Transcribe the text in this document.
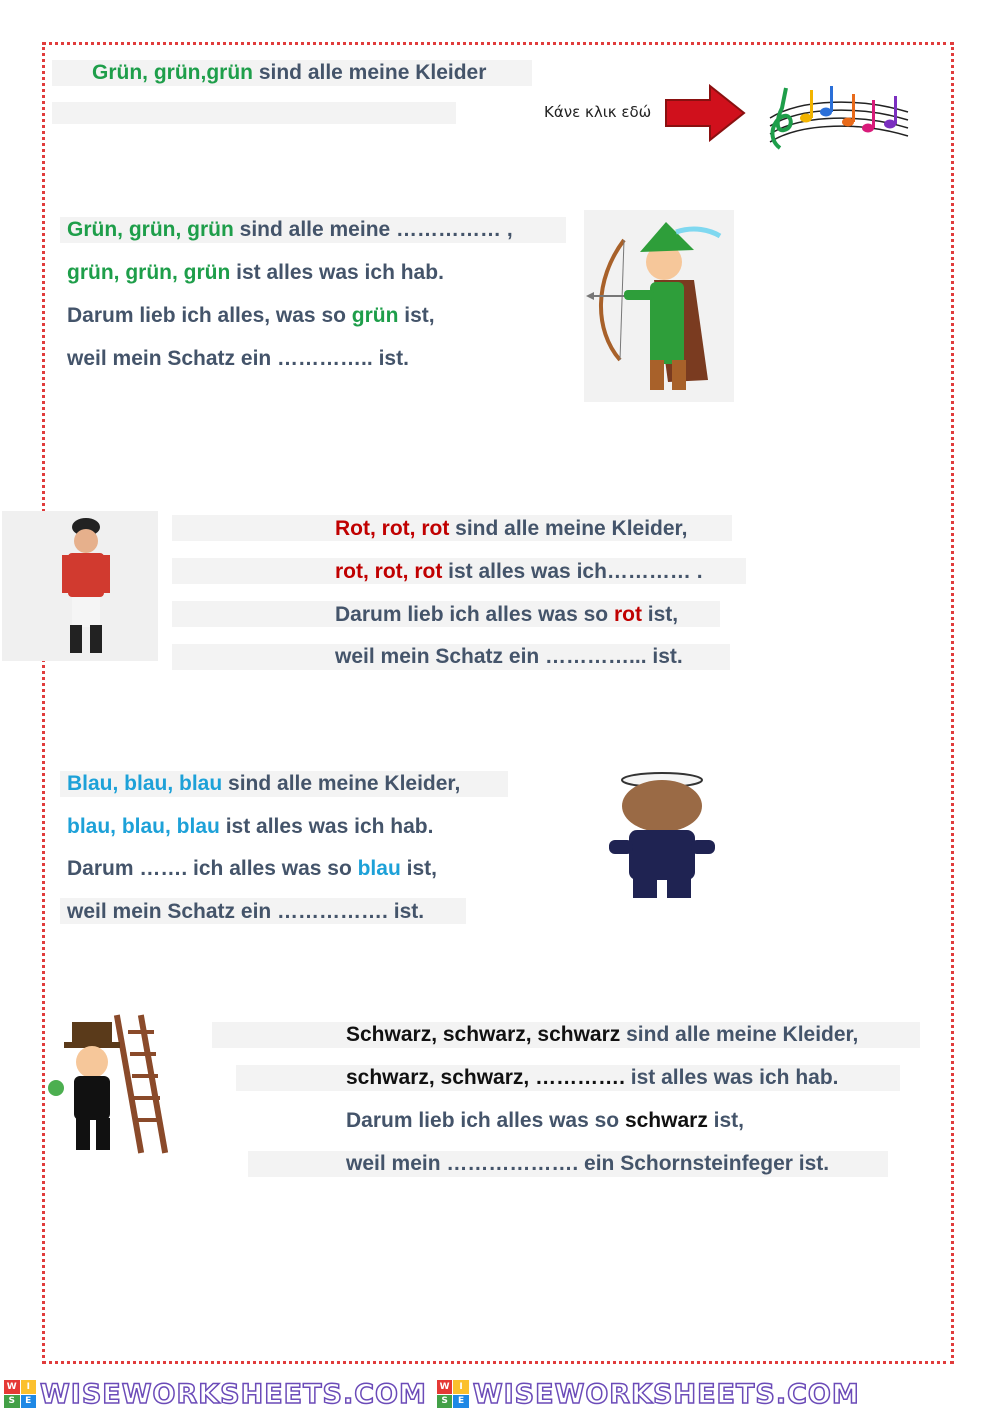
Grün, grün,grün sind alle meine Kleider
Κάνε κλικ εδώ
Grün, grün, grün sind alle meine …………… ,
grün, grün, grün ist alles was ich hab.
Darum lieb ich alles, was so grün ist,
weil mein Schatz ein ………….. ist.
Rot, rot, rot sind alle meine Kleider,
rot, rot, rot ist alles was ich………… .
Darum lieb ich alles was so rot ist,
weil mein Schatz ein …………... ist.
Blau, blau, blau sind alle meine Kleider,
blau, blau, blau ist alles was ich hab.
Darum ……. ich alles was so blau ist,
weil mein Schatz ein ……………. ist.
Schwarz, schwarz, schwarz sind alle meine Kleider,
schwarz, schwarz, …………. ist alles was ich hab.
Darum lieb ich alles was so schwarz ist,
weil mein ………………. ein Schornsteinfeger ist.
W	I
S	E WISEWORKSHEETS.COM	W	I
S	E WISEWORKSHEETS.COM
